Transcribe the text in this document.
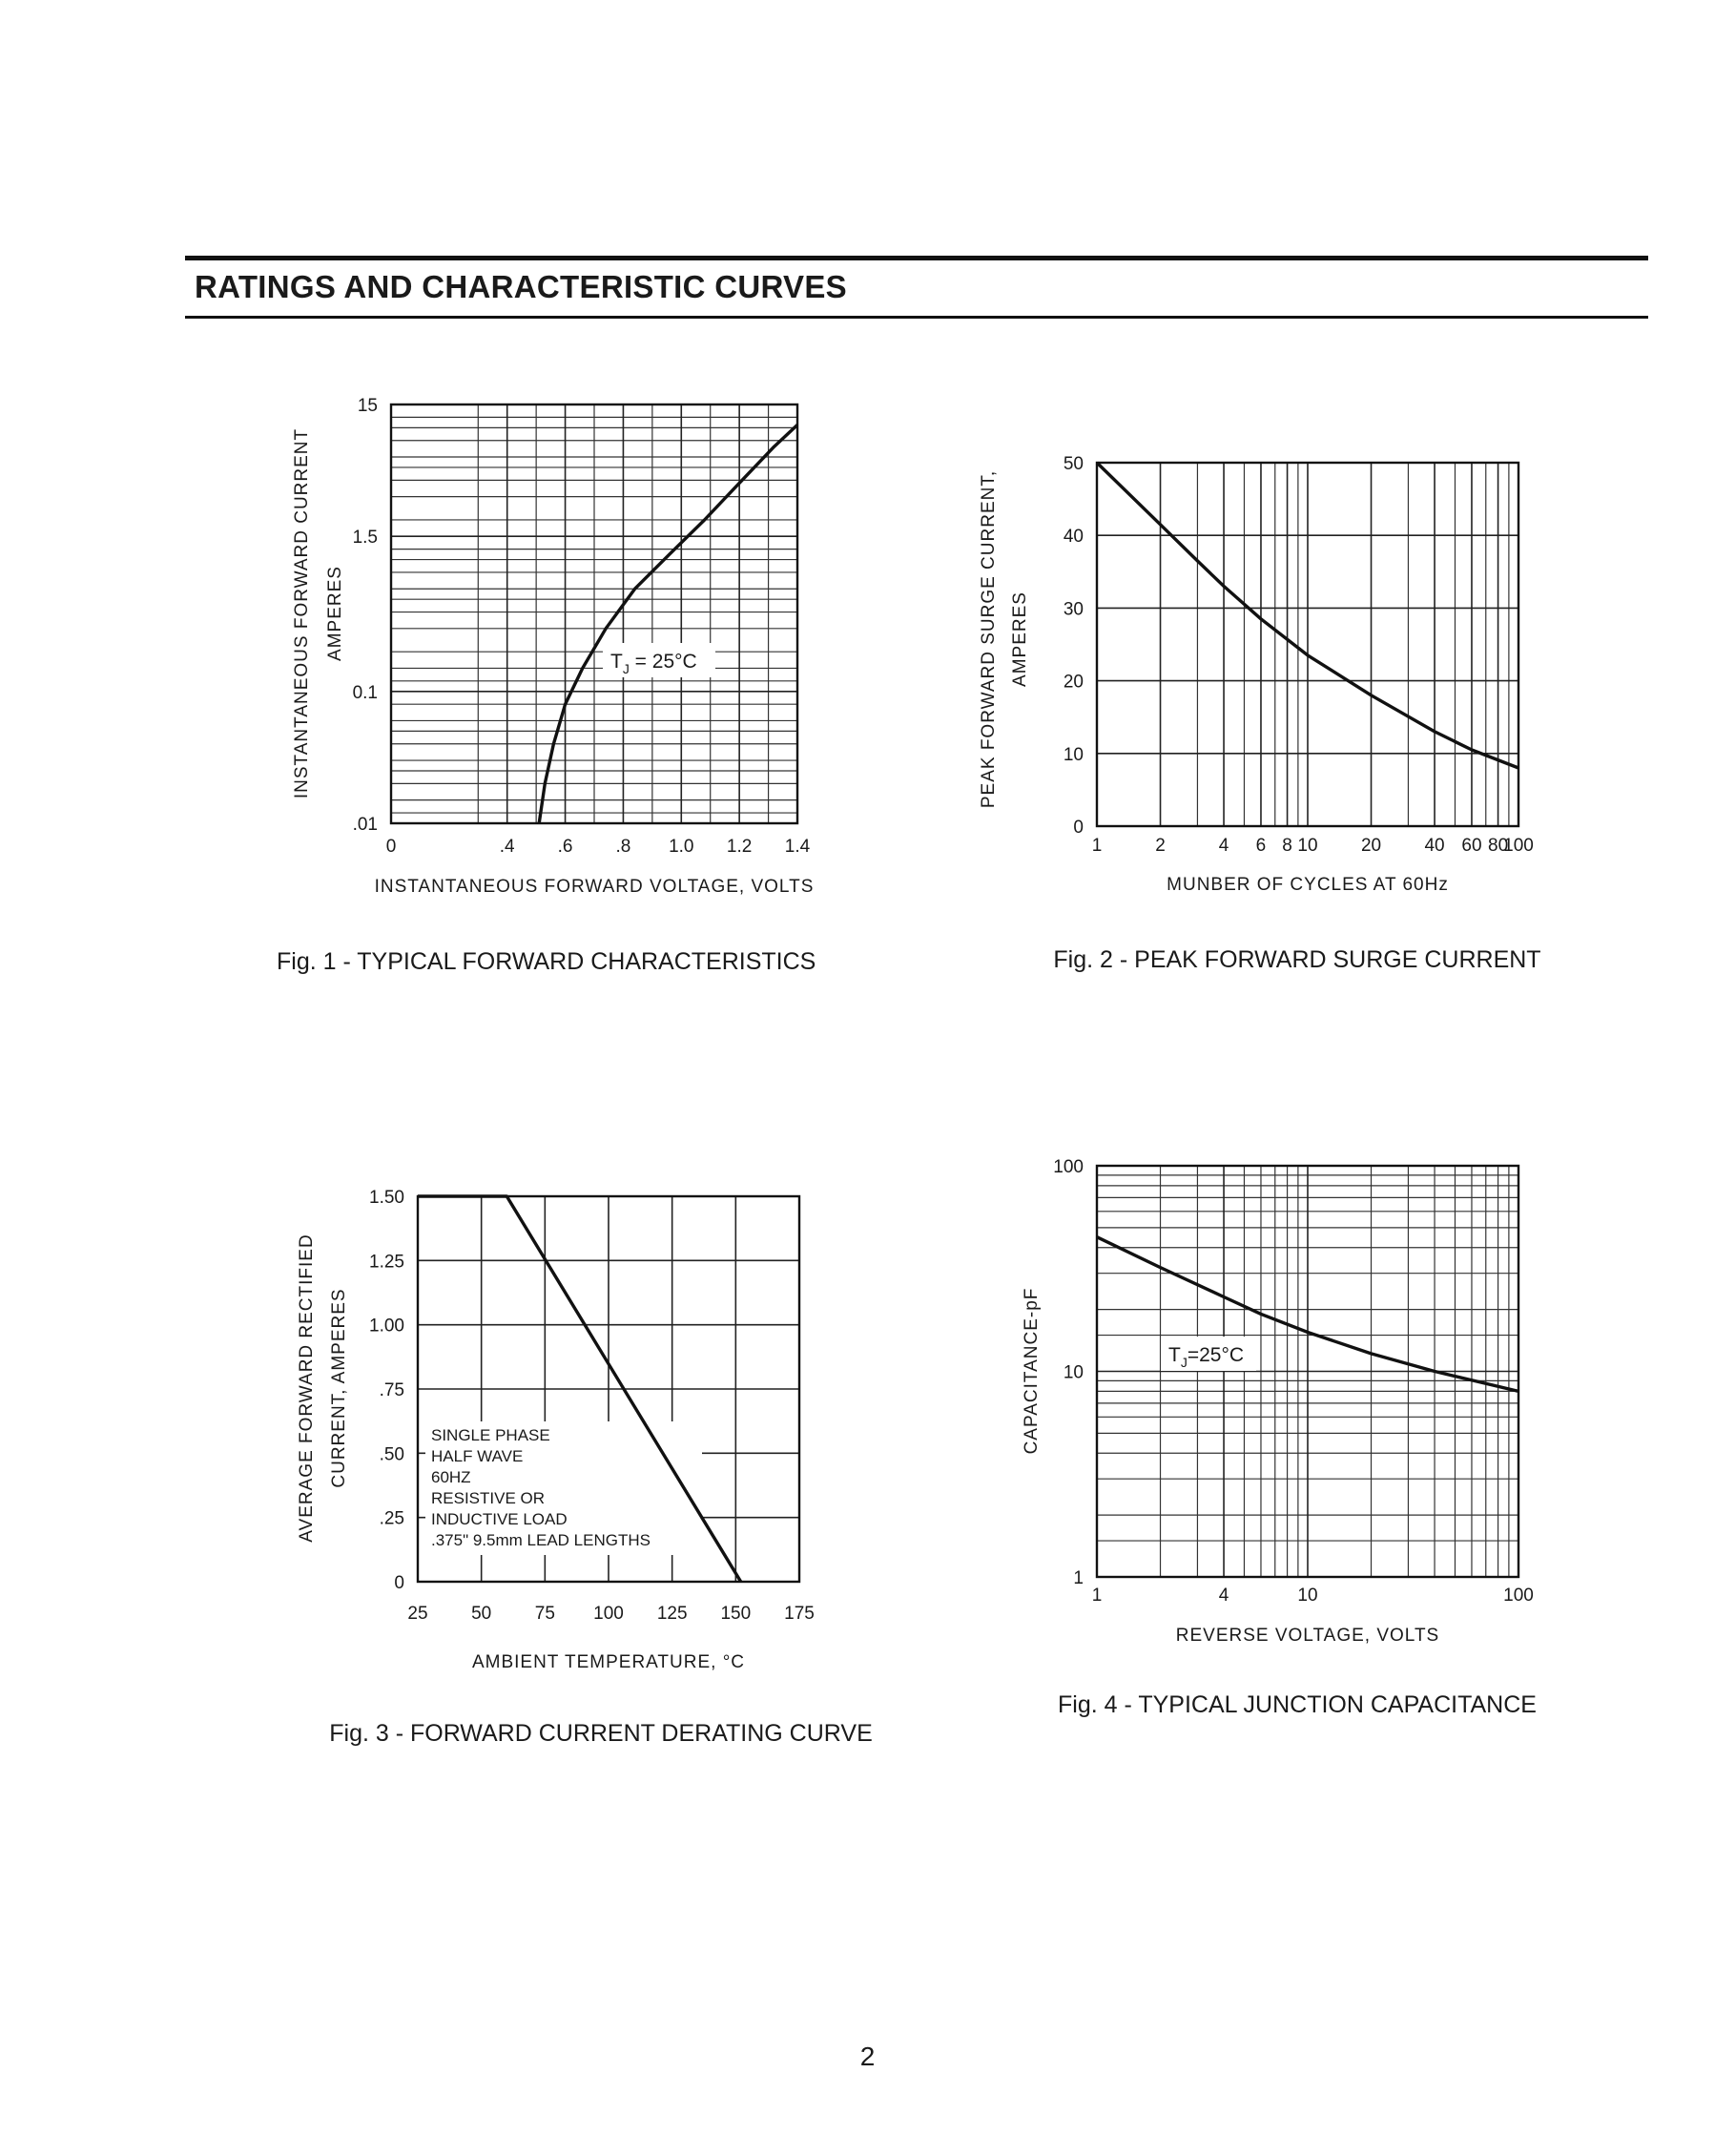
RATINGS AND CHARACTERISTIC CURVES
0	.4 .6 .8 1.0 1.2 1.4
.01
0.1
1.5
15
INSTANTANEOUS FORWARD VOLTAGE, VOLTS
INSTANTANEOUS FORWARD CURRENT AMPERES
Fig. 1 - TYPICAL FORWARD CHARACTERISTICS
$T_J = 25^\circ C$
1	2	4 6 8 10 20 40 60 80
100
0
10
20
30
40
50
MUNBER OF CYCLES AT 60Hz
PEAK FORWARD SURGE CURRENT, AMPERES
Fig. 2 - PEAK FORWARD SURGE CURRENT
25 50 75 100 125 150 175
0
.25
.50
.75
1.00
1.25
1.50
AMBIENT TEMPERATURE, °C
AVERAGE FORWARD RECTIFIED CURRENT, AMPERES
Fig. 3 - FORWARD CURRENT DERATING CURVE
SINGLE PHASE
HALF WAVE
60HZ
RESISTIVE OR
INDUCTIVE LOAD
.375" 9.5mm LEAD LENGTHS
1	4	10	100
1
10
100
REVERSE VOLTAGE, VOLTS
CAPACITANCE-pF
Fig. 4 - TYPICAL JUNCTION CAPACITANCE
$T_J=25^\circ C$
2
